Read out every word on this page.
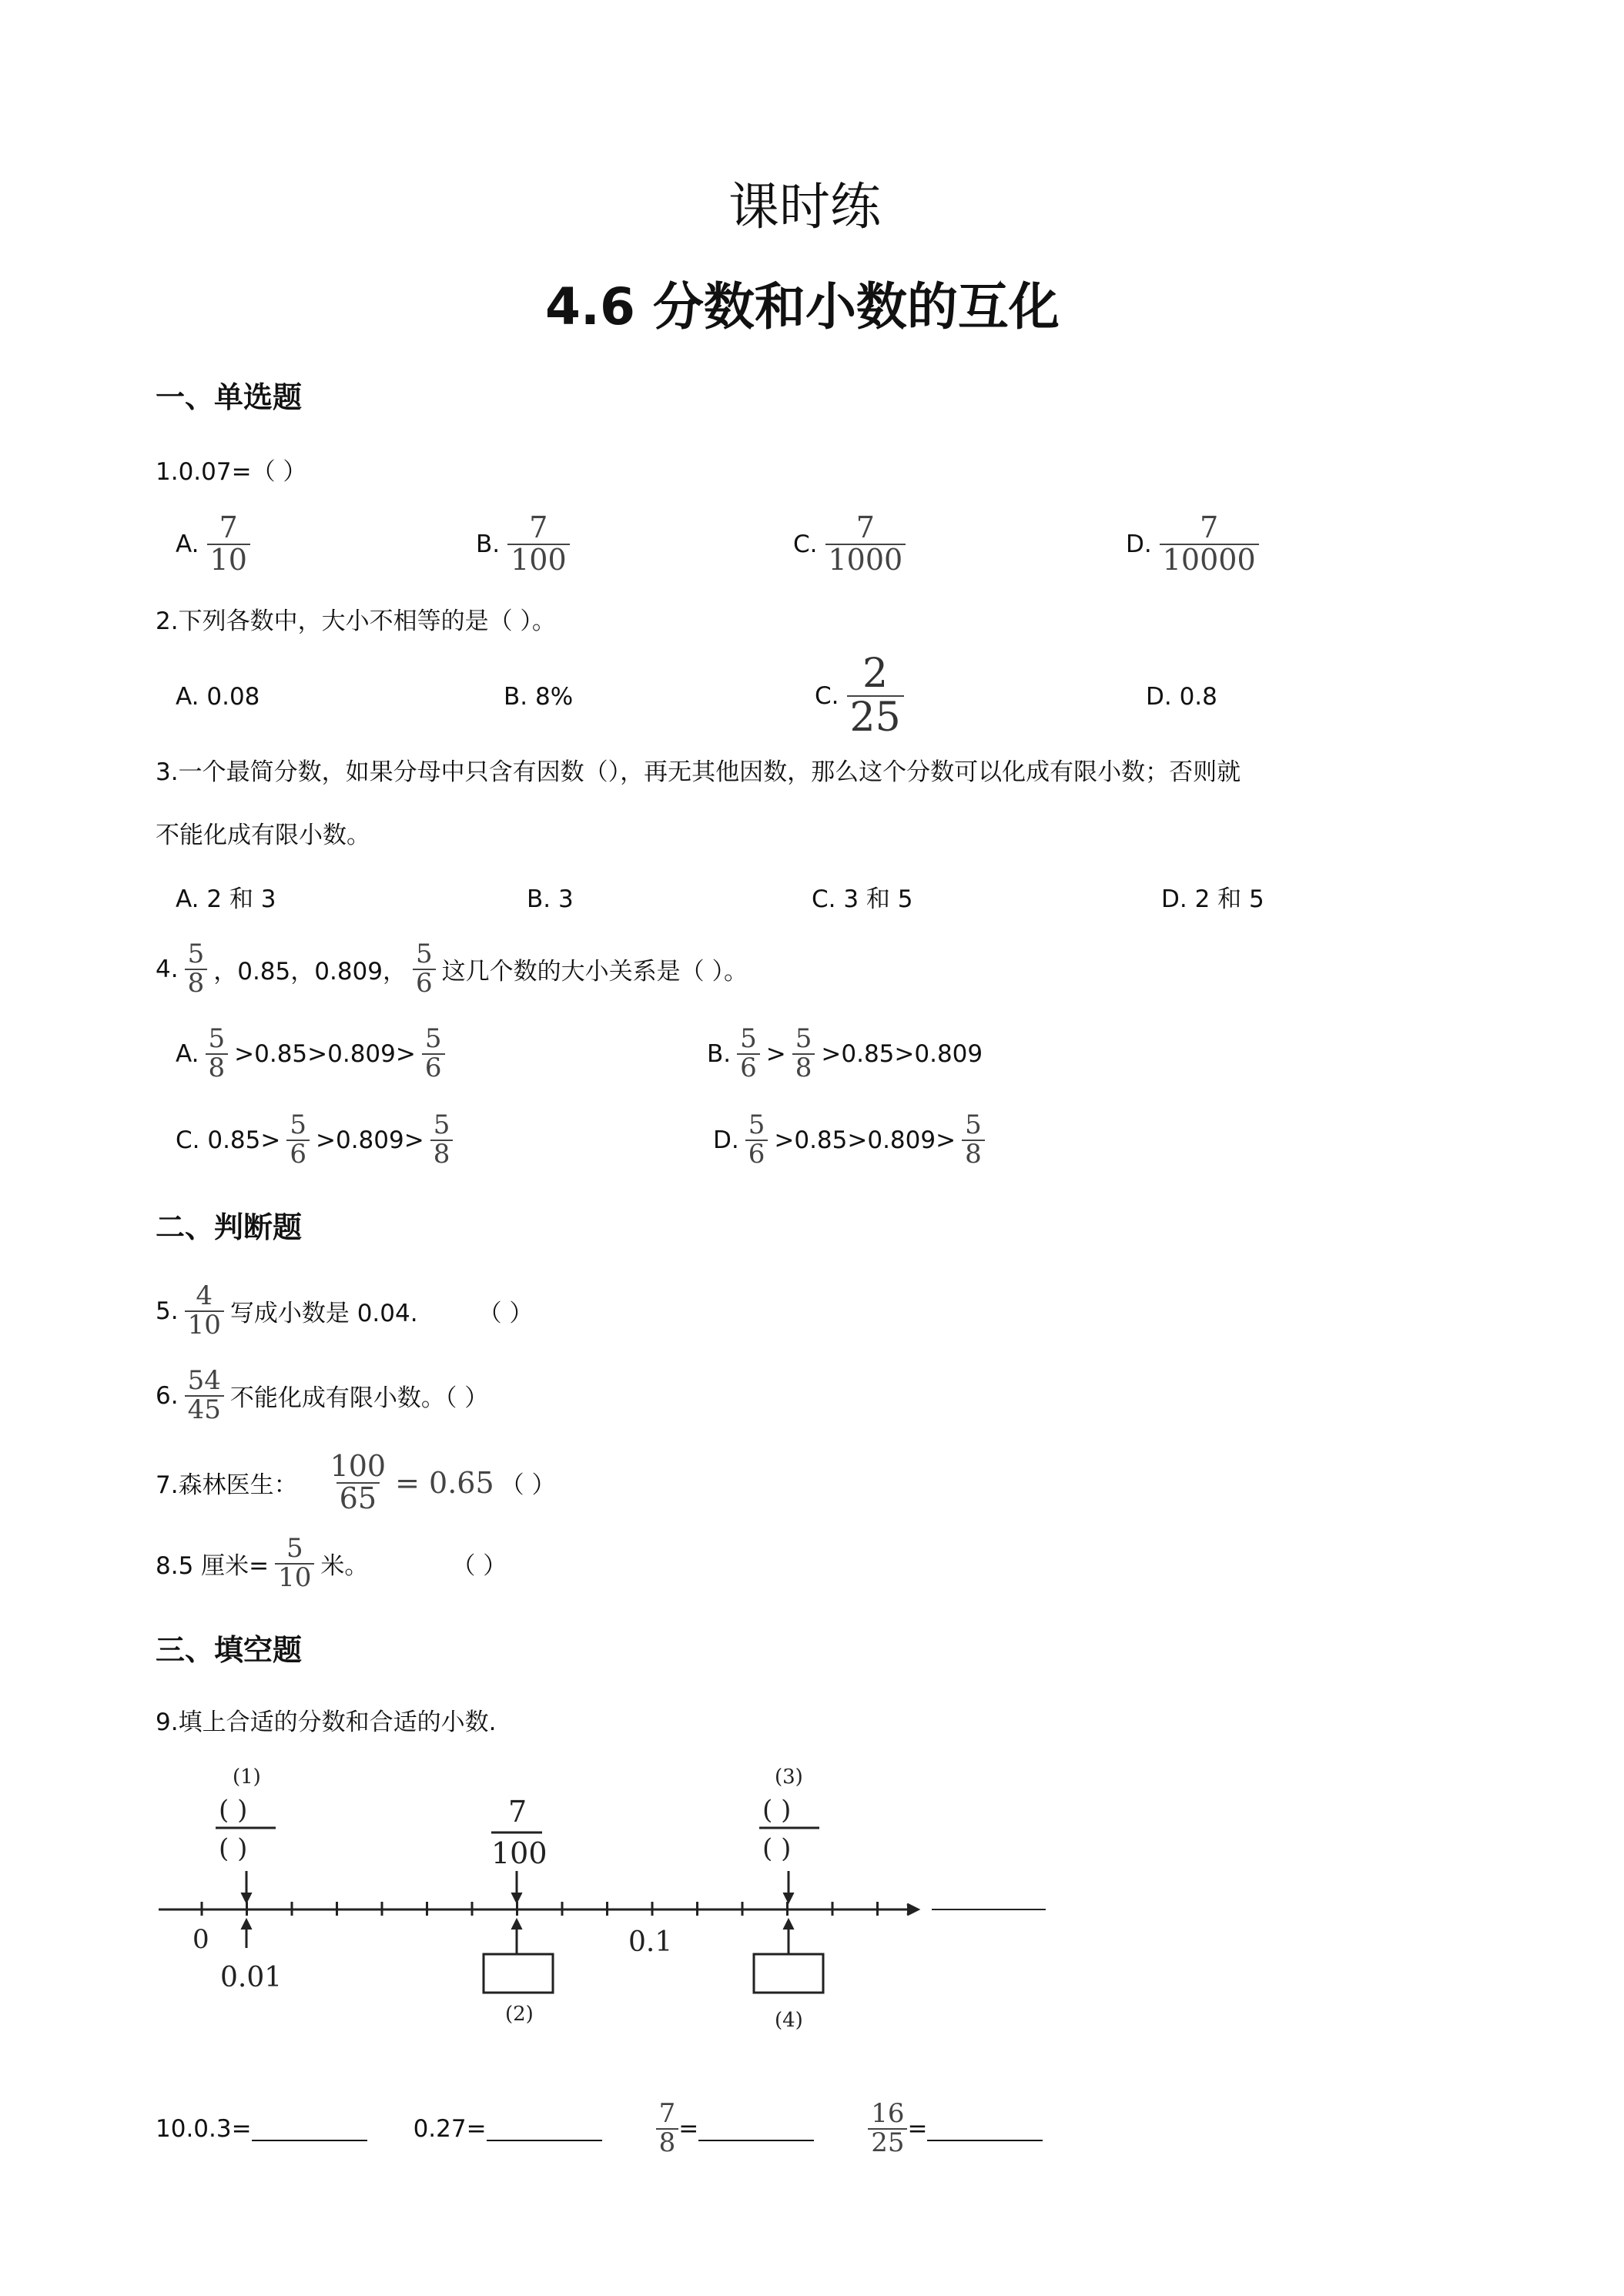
课时练
4.6 分数和小数的互化
一、单选题
1.0.07=（ ）
A. $\frac{7}{10}$	B. $\frac{7}{100}$	C. $\frac{7}{1000}$	D. $\frac{7}{10000}$
2.下列各数中，大小不相等的是（ ）。
A. 0.08	B. 8%	C. $\frac{2}{25}$	D. 0.8
3.一个最简分数，如果分母中只含有因数（），再无其他因数，那么这个分数可以化成有限小数；否则就
不能化成有限小数。
A. 2 和 3	B. 3	C. 3 和 5	D. 2 和 5
4. $\frac{5}{8}$ ，0.85，0.809， $\frac{5}{6}$ 这几个数的大小关系是（ ）。
A. $\frac{5}{8} >0.85>0.809> \frac{5}{6}$	B. $\frac{5}{6} > \frac{5}{8} >0.85>0.809$
C. $0.85> \frac{5}{6} >0.809> \frac{5}{8}$	D. $\frac{5}{6} >0.85>0.809> \frac{5}{8}$
二、判断题
5. $\frac{4}{10}$ 写成小数是 0.04.	（ ）
6. $\frac{54}{45}$ 不能化成有限小数。（ ）
7.森林医生： $\frac{100}{65} = 0.65$ （ ）
8.5 厘米= $\frac{5}{10}$ 米。	（ ）
三、填空题
9.填上合适的分数和合适的小数.
0	0.1
(1)
( )
( )
0.01
7
100
(2)
(3)
( )
( )
(4)
10.0.3=	0.27=	$\frac{7}{8}$ =	$\frac{16}{25}$ =
